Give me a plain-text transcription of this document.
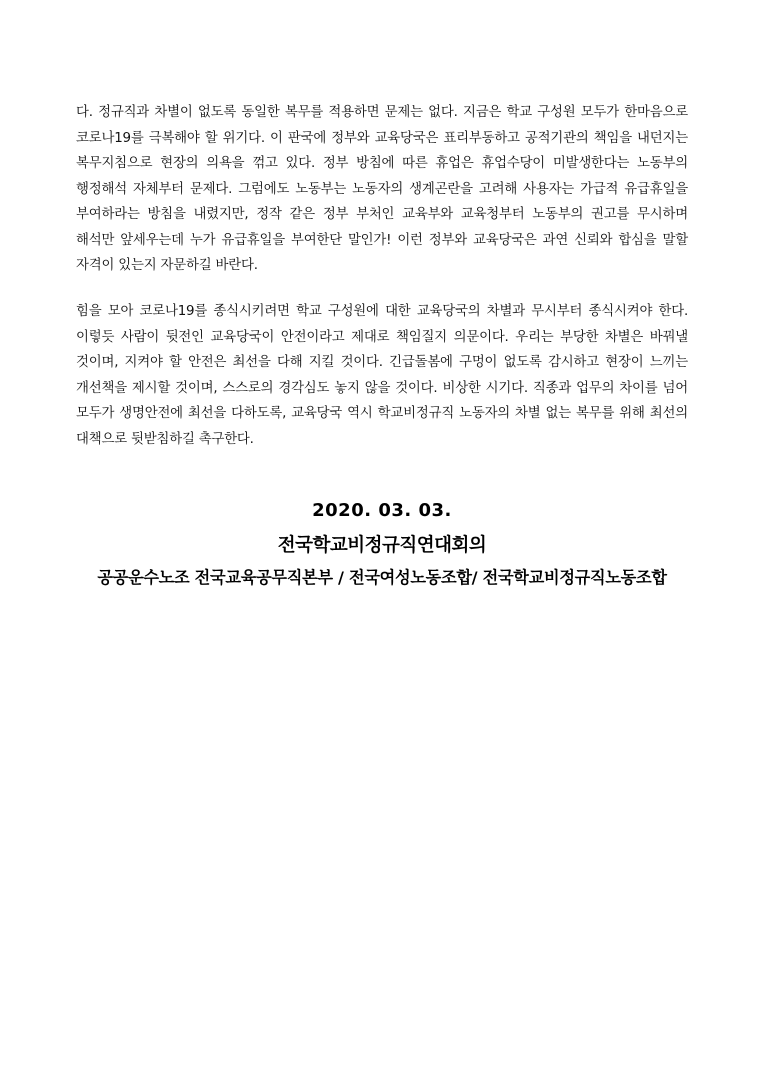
다. 정규직과 차별이 없도록 동일한 복무를 적용하면 문제는 없다. 지금은 학교 구성원 모두가 한마음으로 코로나19를 극복해야 할 위기다. 이 판국에 정부와 교육당국은 표리부동하고 공적기관의 책임을 내던지는 복무지침으로 현장의 의욕을 꺾고 있다. 정부 방침에 따른 휴업은 휴업수당이 미발생한다는 노동부의 행정해석 자체부터 문제다. 그럼에도 노동부는 노동자의 생계곤란을 고려해 사용자는 가급적 유급휴일을 부여하라는 방침을 내렸지만, 정작 같은 정부 부처인 교육부와 교육청부터 노동부의 권고를 무시하며 해석만 앞세우는데 누가 유급휴일을 부여한단 말인가! 이런 정부와 교육당국은 과연 신뢰와 합심을 말할 자격이 있는지 자문하길 바란다.

힘을 모아 코로나19를 종식시키려면 학교 구성원에 대한 교육당국의 차별과 무시부터 종식시켜야 한다. 이렇듯 사람이 뒷전인 교육당국이 안전이라고 제대로 책임질지 의문이다. 우리는 부당한 차별은 바꿔낼 것이며, 지켜야 할 안전은 최선을 다해 지킬 것이다. 긴급돌봄에 구멍이 없도록 감시하고 현장이 느끼는 개선책을 제시할 것이며, 스스로의 경각심도 놓지 않을 것이다. 비상한 시기다. 직종과 업무의 차이를 넘어 모두가 생명안전에 최선을 다하도록, 교육당국 역시 학교비정규직 노동자의 차별 없는 복무를 위해 최선의 대책으로 뒷받침하길 촉구한다.

2020. 03. 03.

전국학교비정규직연대회의

공공운수노조 전국교육공무직본부 / 전국여성노동조합/ 전국학교비정규직노동조합
